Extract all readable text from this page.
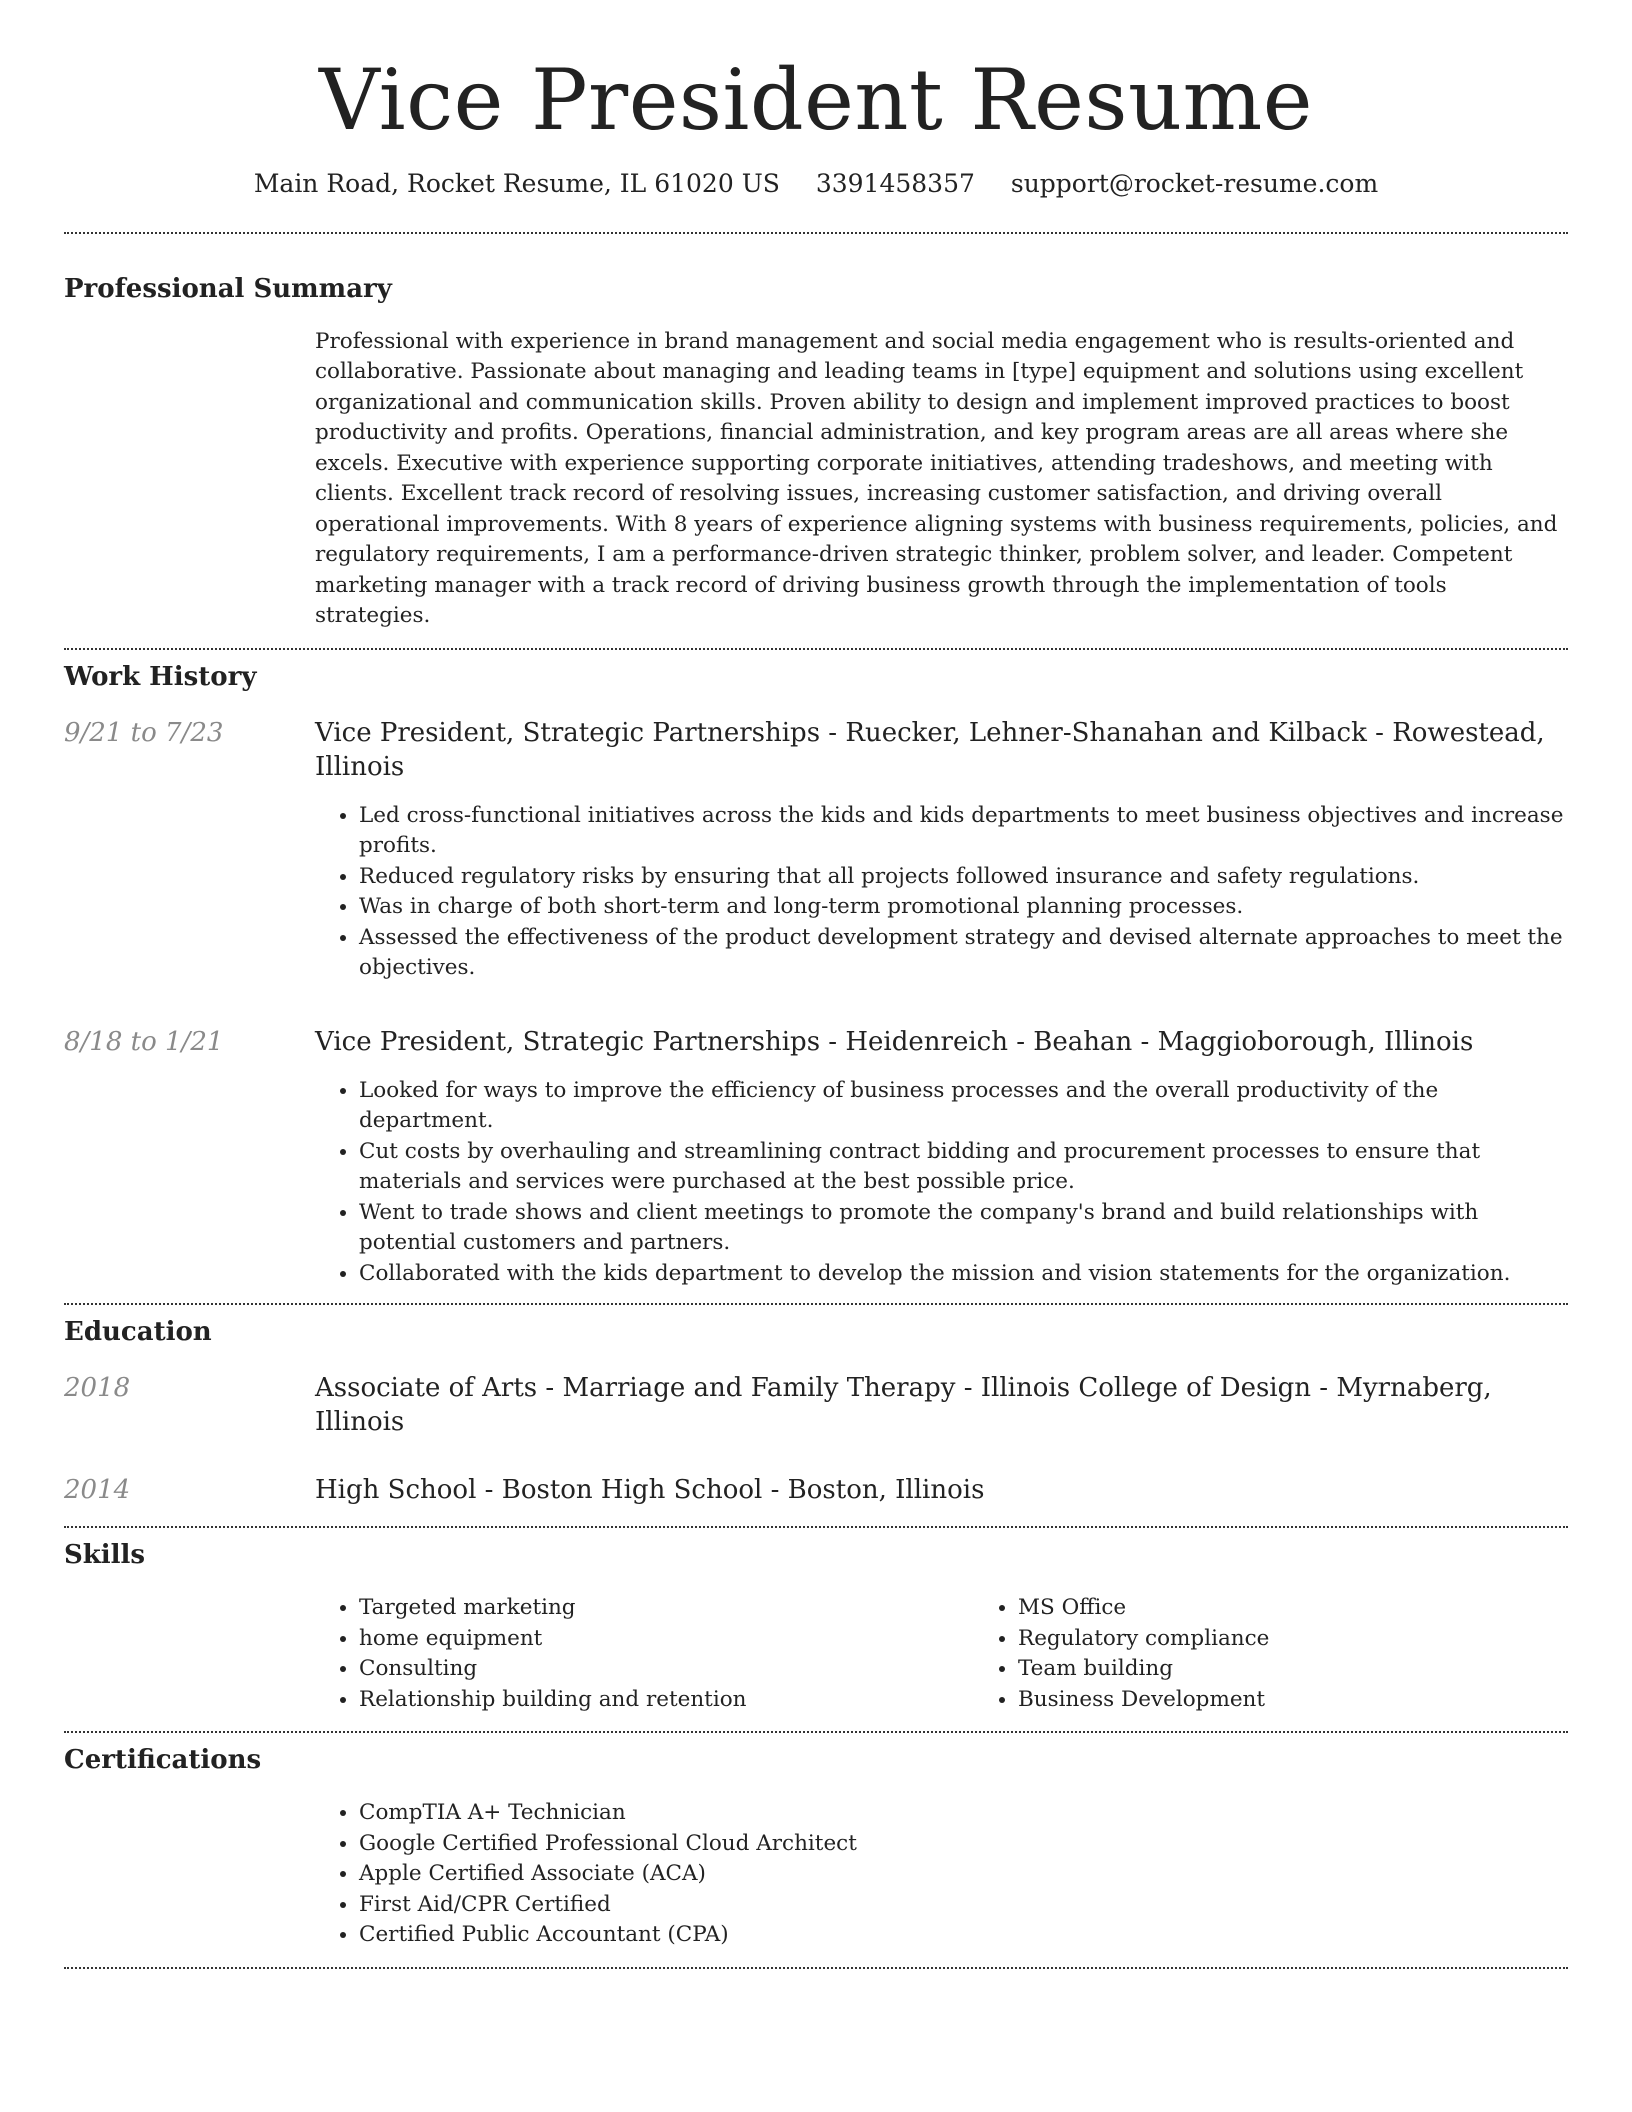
Vice President Resume
Main Road, Rocket Resume, IL 61020 US 3391458357 support@rocket-resume.com
Professional Summary

Professional with experience in brand management and social media engagement who is results-oriented and collaborative. Passionate about managing and leading teams in [type] equipment and solutions using excellent organizational and communication skills. Proven ability to design and implement improved practices to boost productivity and profits. Operations, financial administration, and key program areas are all areas where she excels. Executive with experience supporting corporate initiatives, attending tradeshows, and meeting with clients. Excellent track record of resolving issues, increasing customer satisfaction, and driving overall operational improvements. With 8 years of experience aligning systems with business requirements, policies, and regulatory requirements, I am a performance-driven strategic thinker, problem solver, and leader. Competent marketing manager with a track record of driving business growth through the implementation of tools strategies.

Work History
9/21 to 7/23	Vice President, Strategic Partnerships - Ruecker, Lehner-Shanahan and Kilback - Rowestead, Illinois
• Led cross-functional initiatives across the kids and kids departments to meet business objectives and increase profits.
• Reduced regulatory risks by ensuring that all projects followed insurance and safety regulations.
• Was in charge of both short-term and long-term promotional planning processes.
• Assessed the effectiveness of the product development strategy and devised alternate approaches to meet the objectives.
8/18 to 1/21	Vice President, Strategic Partnerships - Heidenreich - Beahan - Maggioborough, Illinois
• Looked for ways to improve the efficiency of business processes and the overall productivity of the department.
• Cut costs by overhauling and streamlining contract bidding and procurement processes to ensure that materials and services were purchased at the best possible price.
• Went to trade shows and client meetings to promote the company's brand and build relationships with potential customers and partners.
• Collaborated with the kids department to develop the mission and vision statements for the organization.
Education
2018	Associate of Arts - Marriage and Family Therapy - Illinois College of Design - Myrnaberg, Illinois
2014	High School - Boston High School - Boston, Illinois
Skills
• Targeted marketing
• home equipment
• Consulting
• Relationship building and retention
• MS Office
• Regulatory compliance
• Team building
• Business Development
Certifications
• CompTIA A+ Technician
• Google Certified Professional Cloud Architect
• Apple Certified Associate (ACA)
• First Aid/CPR Certified
• Certified Public Accountant (CPA)
